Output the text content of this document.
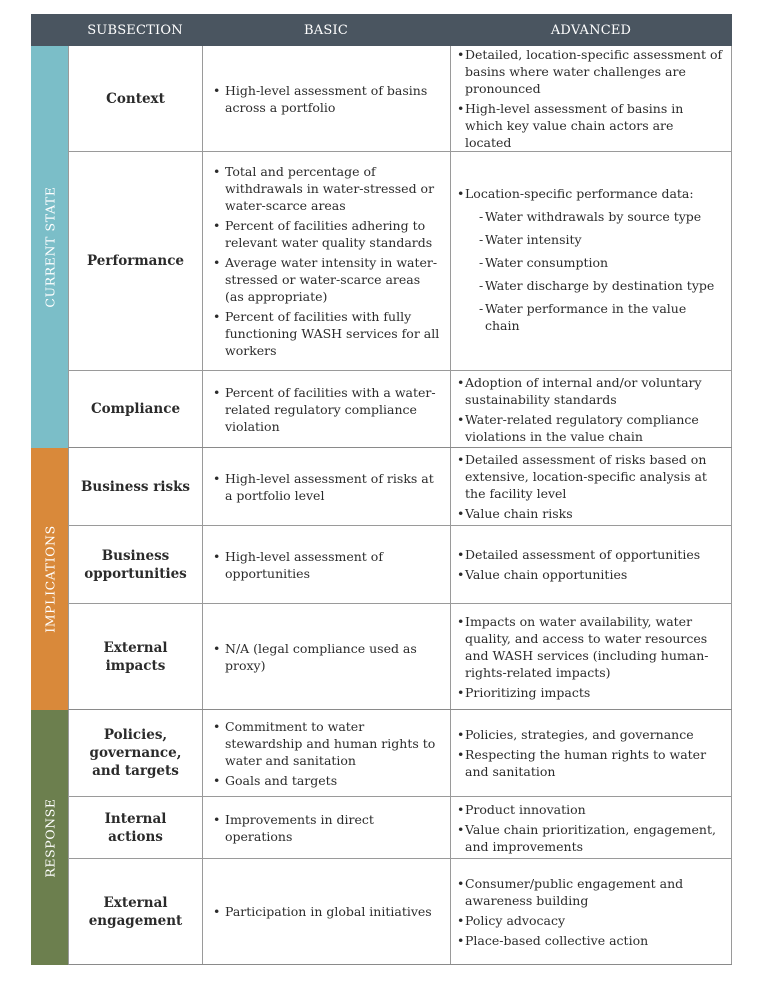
SUBSECTION	BASIC	ADVANCED
CURRENT STATE
Context
• High-level assessment of basins across a portfolio
• Detailed, location-specific assessment of basins where water challenges are pronounced
• High-level assessment of basins in which key value chain actors are located
Performance
• Total and percentage of withdrawals in water-stressed or water-scarce areas
• Percent of facilities adhering to relevant water quality standards
• Average water intensity in water-stressed or water-scarce areas (as appropriate)
• Percent of facilities with fully functioning WASH services for all workers
• Location-specific performance data:
- Water withdrawals by source type
- Water intensity
- Water consumption
- Water discharge by destination type
- Water performance in the value chain
Compliance
• Percent of facilities with a water-related regulatory compliance violation
• Adoption of internal and/or voluntary sustainability standards
• Water-related regulatory compliance violations in the value chain
IMPLICATIONS
Business risks
• High-level assessment of risks at a portfolio level
• Detailed assessment of risks based on extensive, location-specific analysis at the facility level
• Value chain risks
Business opportunities
• High-level assessment of opportunities
• Detailed assessment of opportunities
• Value chain opportunities
External impacts
• N/A (legal compliance used as proxy)
• Impacts on water availability, water quality, and access to water resources and WASH services (including human-rights-related impacts)
• Prioritizing impacts
RESPONSE
Policies, governance, and targets
• Commitment to water stewardship and human rights to water and sanitation
• Goals and targets
• Policies, strategies, and governance
• Respecting the human rights to water and sanitation
Internal actions
• Improvements in direct operations
• Product innovation
• Value chain prioritization, engagement, and improvements
External engagement
• Participation in global initiatives
• Consumer/public engagement and awareness building
• Policy advocacy
• Place-based collective action
